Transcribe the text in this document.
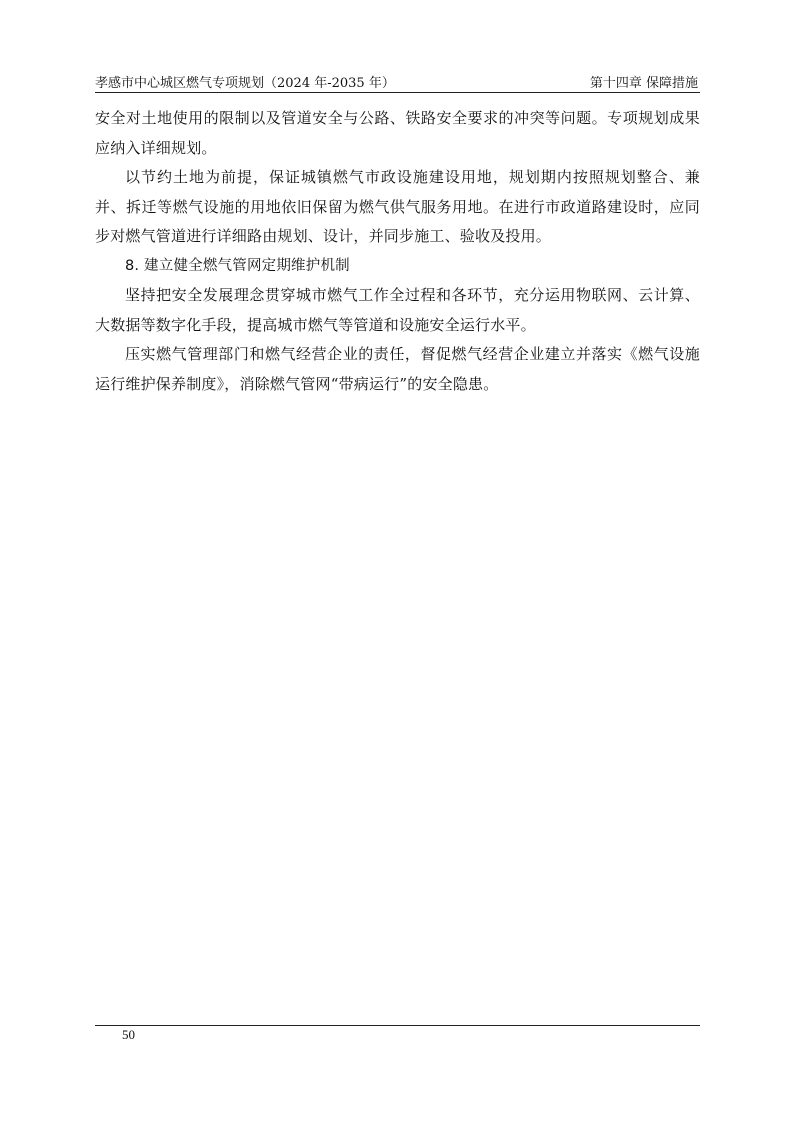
孝感市中心城区燃气专项规划（2024 年-2035 年）	第十四章 保障措施

安全对土地使用的限制以及管道安全与公路、铁路安全要求的冲突等问题。专项规划成果应纳入详细规划。

以节约土地为前提，保证城镇燃气市政设施建设用地，规划期内按照规划整合、兼并、拆迁等燃气设施的用地依旧保留为燃气供气服务用地。在进行市政道路建设时，应同步对燃气管道进行详细路由规划、设计，并同步施工、验收及投用。

8. 建立健全燃气管网定期维护机制

坚持把安全发展理念贯穿城市燃气工作全过程和各环节，充分运用物联网、云计算、大数据等数字化手段，提高城市燃气等管道和设施安全运行水平。

压实燃气管理部门和燃气经营企业的责任，督促燃气经营企业建立并落实《燃气设施运行维护保养制度》，消除燃气管网“带病运行”的安全隐患。

50
